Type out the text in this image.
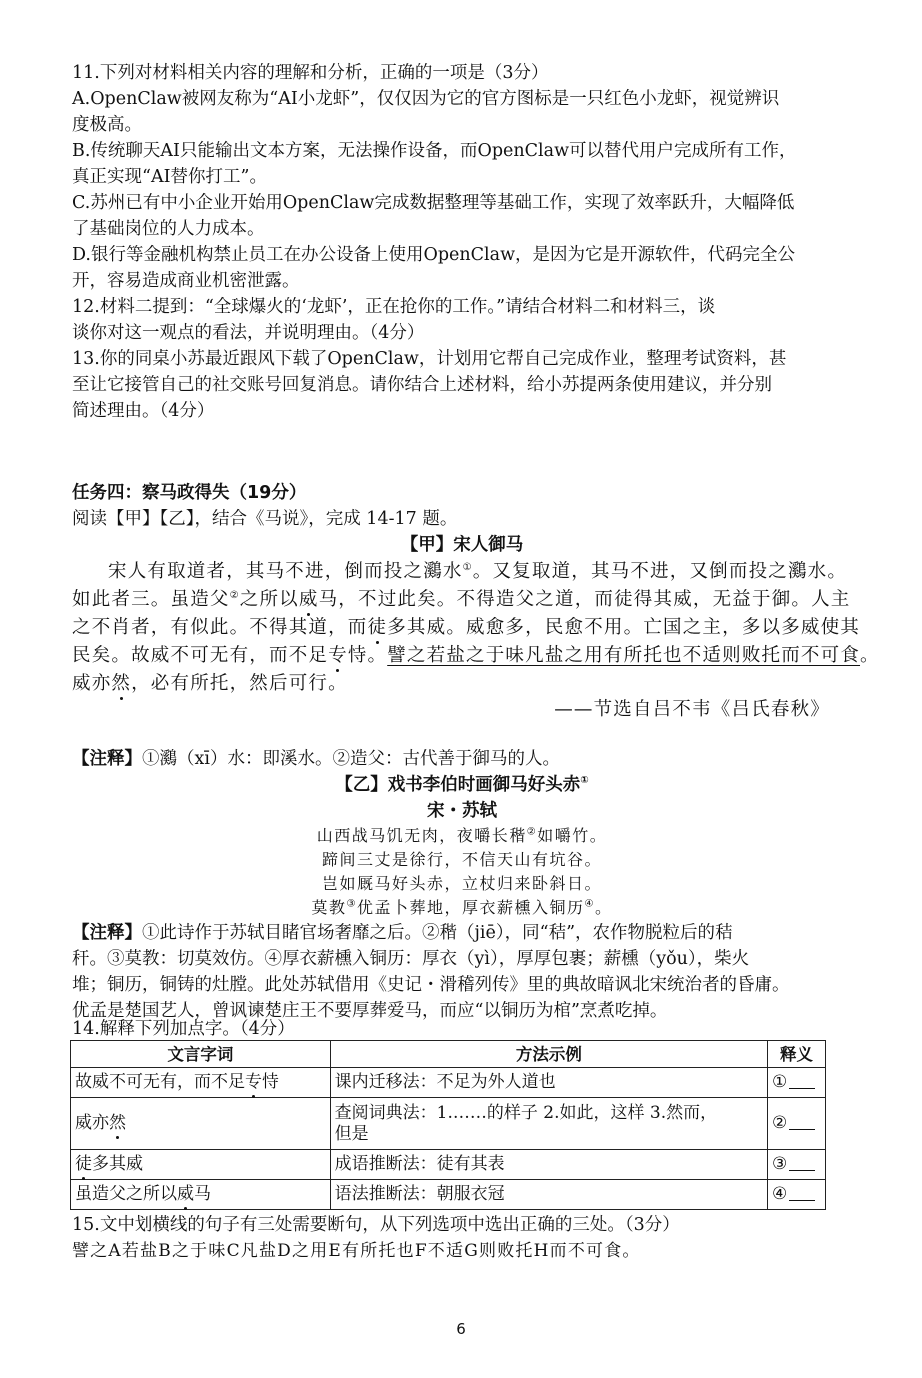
11.下列对材料相关内容的理解和分析，正确的一项是（3分）
A.OpenClaw被网友称为“AI小龙虾”，仅仅因为它的官方图标是一只红色小龙虾，视觉辨识
度极高。
B.传统聊天AI只能输出文本方案，无法操作设备，而OpenClaw可以替代用户完成所有工作，
真正实现“AI替你打工”。
C.苏州已有中小企业开始用OpenClaw完成数据整理等基础工作，实现了效率跃升，大幅降低
了基础岗位的人力成本。
D.银行等金融机构禁止员工在办公设备上使用OpenClaw，是因为它是开源软件，代码完全公
开，容易造成商业机密泄露。
12.材料二提到：“全球爆火的‘龙虾’，正在抢你的工作。”请结合材料二和材料三，谈
谈你对这一观点的看法，并说明理由。（4分）
13.你的同桌小苏最近跟风下载了OpenClaw，计划用它帮自己完成作业，整理考试资料，甚
至让它接管自己的社交账号回复消息。请你结合上述材料，给小苏提两条使用建议，并分别
简述理由。（4分）
任务四：察马政得失（19分）
阅读【甲】【乙】，结合《马说》，完成 14-17 题。
【甲】宋人御马
宋人有取道者，其马不进，倒而投之鸂水①。又复取道，其马不进，又倒而投之鸂水。
如此者三。虽造父②之所以威马，不过此矣。不得造父之道，而徒得其威，无益于御。人主
之不肖者，有似此。不得其道，而徒多其威。威愈多，民愈不用。亡国之主，多以多威使其
民矣。故威不可无有，而不足专恃。譬之若盐之于味凡盐之用有所托也不适则败托而不可食。
威亦然，必有所托，然后可行。
——节选自吕不韦《吕氏春秋》
【注释】①鸂（xī）水：即溪水。②造父：古代善于御马的人。
【乙】戏书李伯时画御马好头赤①
宋・苏轼
山西战马饥无肉，夜嚼长稭②如嚼竹。
蹄间三丈是徐行，不信天山有坑谷。
岂如厩马好头赤，立杖归来卧斜日。
莫教③优孟卜葬地，厚衣薪櫄入铜历④。
【注释】①此诗作于苏轼目睹官场奢靡之后。②稭（jiē），同“秸”，农作物脱粒后的秸
秆。③莫教：切莫效仿。④厚衣薪櫄入铜历：厚衣（yì），厚厚包裹；薪櫄（yǒu），柴火
堆；铜历，铜铸的灶膛。此处苏轼借用《史记・滑稽列传》里的典故暗讽北宋统治者的昏庸。
优孟是楚国艺人，曾讽谏楚庄王不要厚葬爱马，而应“以铜历为棺”烹煮吃掉。
14.解释下列加点字。（4分）
文言字词	方法示例	释义
故威不可无有，而不足专恃	课内迁移法：不足为外人道也	①
威亦然	查阅词典法：1.……的样子 2.如此，这样 3.然而，
但是	②
徒多其威	成语推断法：徒有其表	③
虽造父之所以威马	语法推断法：朝服衣冠	④
15.文中划横线的句子有三处需要断句，从下列选项中选出正确的三处。（3分）
譬之A若盐B之于味C凡盐D之用E有所托也F不适G则败托H而不可食。
6
